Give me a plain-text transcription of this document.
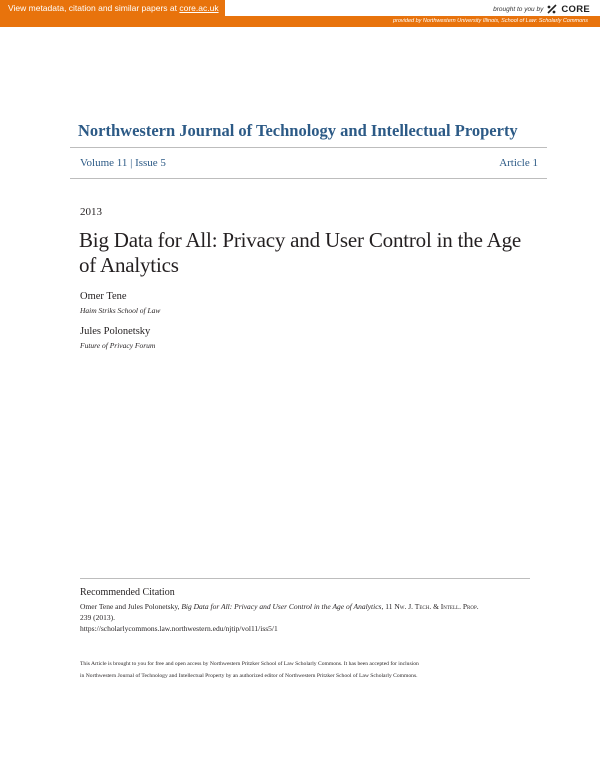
View metadata, citation and similar papers at core.ac.uk	brought to you by CORE
provided by Northwestern University Illinois, School of Law: Scholarly Commons
Northwestern Journal of Technology and Intellectual Property
Volume 11 | Issue 5	Article 1
2013
Big Data for All: Privacy and User Control in the Age of Analytics
Omer Tene
Haim Striks School of Law
Jules Polonetsky
Future of Privacy Forum
Recommended Citation
Omer Tene and Jules Polonetsky, Big Data for All: Privacy and User Control in the Age of Analytics, 11 Nw. J. Tech. & Intell. Prop.
239 (2013).
https://scholarlycommons.law.northwestern.edu/njtip/vol11/iss5/1
This Article is brought to you for free and open access by Northwestern Pritzker School of Law Scholarly Commons. It has been accepted for inclusion
in Northwestern Journal of Technology and Intellectual Property by an authorized editor of Northwestern Pritzker School of Law Scholarly Commons.
